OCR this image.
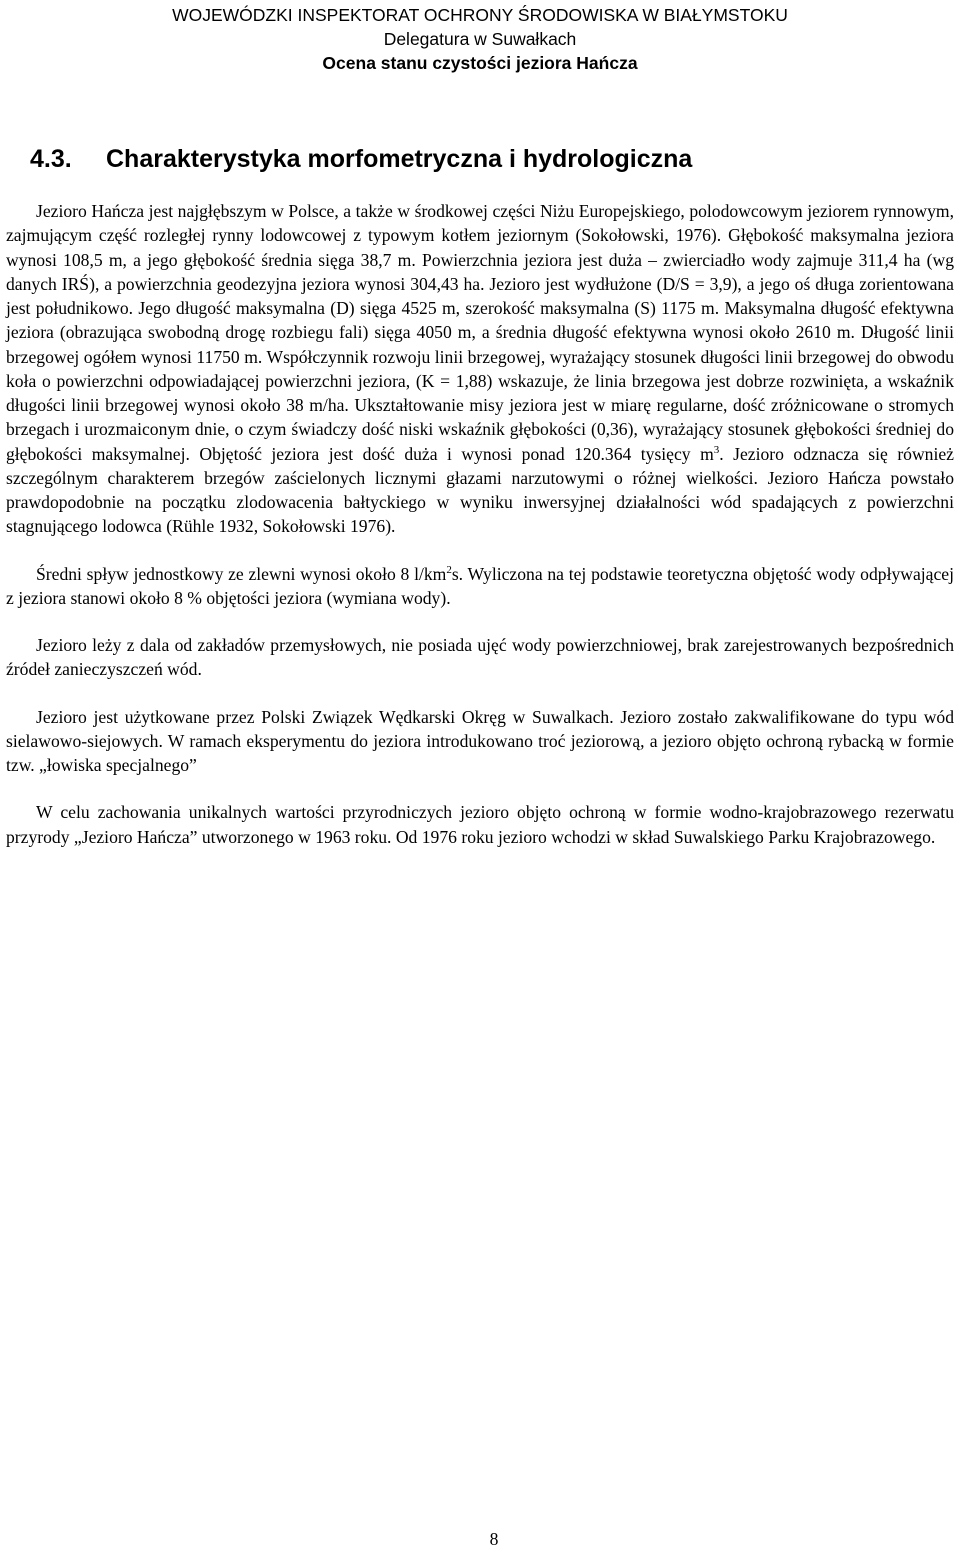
WOJEWÓDZKI INSPEKTORAT OCHRONY ŚRODOWISKA W BIAŁYMSTOKU
Delegatura w Suwałkach
Ocena stanu czystości jeziora Hańcza
4.3. Charakterystyka morfometryczna i hydrologiczna

Jezioro Hańcza jest najgłębszym w Polsce, a także w środkowej części Niżu Europejskiego, polodowcowym jeziorem rynnowym, zajmującym część rozległej rynny lodowcowej z typowym kotłem jeziornym (Sokołowski, 1976). Głębokość maksymalna jeziora wynosi 108,5 m, a jego głębokość średnia sięga 38,7 m. Powierzchnia jeziora jest duża – zwierciadło wody zajmuje 311,4 ha (wg danych IRŚ), a powierzchnia geodezyjna jeziora wynosi 304,43 ha. Jezioro jest wydłużone (D/S = 3,9), a jego oś długa zorientowana jest południkowo. Jego długość maksymalna (D) sięga 4525 m, szerokość maksymalna (S) 1175 m. Maksymalna długość efektywna jeziora (obrazująca swobodną drogę rozbiegu fali) sięga 4050 m, a średnia długość efektywna wynosi około 2610 m. Długość linii brzegowej ogółem wynosi 11750 m. Współczynnik rozwoju linii brzegowej, wyrażający stosunek długości linii brzegowej do obwodu koła o powierzchni odpowiadającej powierzchni jeziora, (K = 1,88) wskazuje, że linia brzegowa jest dobrze rozwinięta, a wskaźnik długości linii brzegowej wynosi około 38 m/ha. Ukształtowanie misy jeziora jest w miarę regularne, dość zróżnicowane o stromych brzegach i urozmaiconym dnie, o czym świadczy dość niski wskaźnik głębokości (0,36), wyrażający stosunek głębokości średniej do głębokości maksymalnej. Objętość jeziora jest dość duża i wynosi ponad 120.364 tysięcy $m^3$. Jezioro odznacza się również szczególnym charakterem brzegów zaścielonych licznymi głazami narzutowymi o różnej wielkości. Jezioro Hańcza powstało prawdopodobnie na początku zlodowacenia bałtyckiego w wyniku inwersyjnej działalności wód spadających z powierzchni stagnującego lodowca (Rühle 1932, Sokołowski 1976).

Średni spływ jednostkowy ze zlewni wynosi około 8 $l/km^2s$. Wyliczona na tej podstawie teoretyczna objętość wody odpływającej z jeziora stanowi około 8 % objętości jeziora (wymiana wody).

Jezioro leży z dala od zakładów przemysłowych, nie posiada ujęć wody powierzchniowej, brak zarejestrowanych bezpośrednich źródeł zanieczyszczeń wód.

Jezioro jest użytkowane przez Polski Związek Wędkarski Okręg w Suwalkach. Jezioro zostało zakwalifikowane do typu wód sielawowo-siejowych. W ramach eksperymentu do jeziora introdukowano troć jeziorową, a jezioro objęto ochroną rybacką w formie tzw. „łowiska specjalnego”

W celu zachowania unikalnych wartości przyrodniczych jezioro objęto ochroną w formie wodno-krajobrazowego rezerwatu przyrody „Jezioro Hańcza” utworzonego w 1963 roku. Od 1976 roku jezioro wchodzi w skład Suwalskiego Parku Krajobrazowego.

8
